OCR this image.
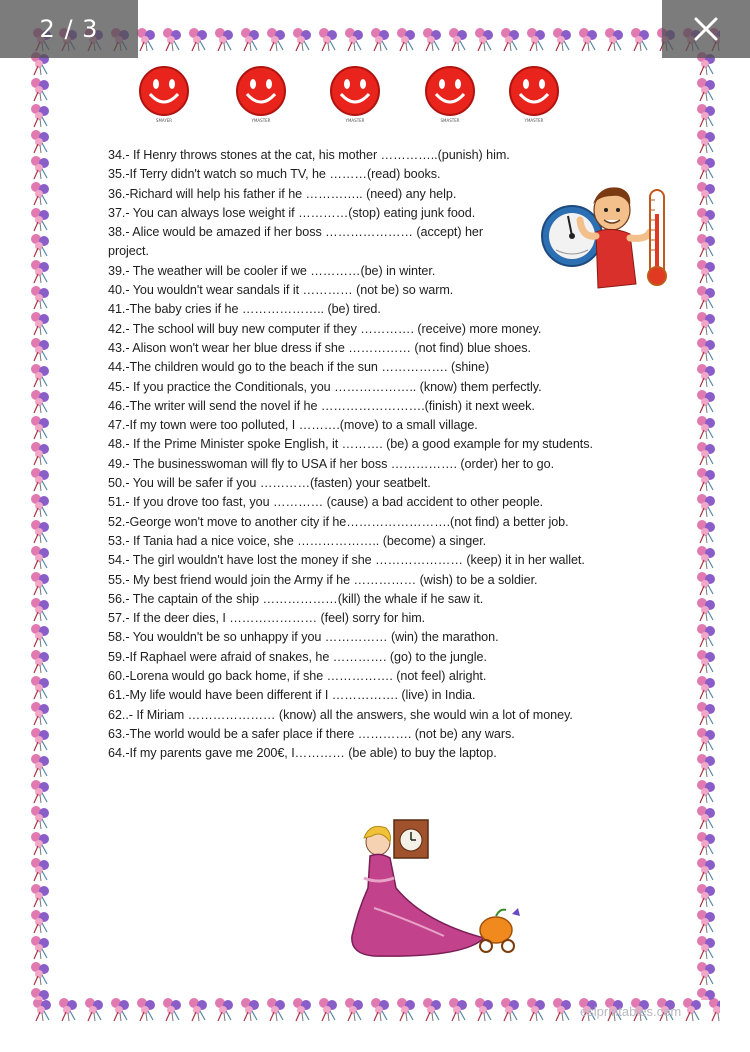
SMAYER	YMASTER	YMASTER	SMASTER	YMASTER
34.- If Henry throws stones at the cat, his mother …………..(punish) him.
35.-If Terry didn't watch so much TV, he ………(read) books.
36.-Richard will help his father if he ………….. (need) any help.
37.- You can always lose weight if …………(stop) eating junk food.
38.- Alice would be amazed if her boss ………………… (accept) her project.
39.- The weather will be cooler if we …………(be) in winter.
40.- You wouldn't wear sandals if it ………… (not be) so warm.
41.-The baby cries if he ……………….. (be) tired.
42.- The school will buy new computer if they …………. (receive) more money.
43.- Alison won't wear her blue dress if she …………… (not find) blue shoes.
44.-The children would go to the beach if the sun ……………. (shine)
45.- If you practice the Conditionals, you ……………….. (know) them perfectly.
46.-The writer will send the novel if he …………………….(finish) it next week.
47.-If my town were too polluted, I ……….(move) to a small village.
48.- If the Prime Minister spoke English, it ………. (be) a good example for my students.
49.- The businesswoman will fly to USA if her boss ……………. (order) her to go.
50.- You will be safer if you …………(fasten) your seatbelt.
51.- If you drove too fast, you ………… (cause) a bad accident to other people.
52.-George won't move to another city if he…………………….(not find) a better job.
53.- If Tania had a nice voice, she ……………….. (become) a singer.
54.- The girl wouldn't have lost the money if she ………………… (keep) it in her wallet.
55.- My best friend would join the Army if he …………… (wish) to be a soldier.
56.- The captain of the ship ………………(kill) the whale if he saw it.
57.- If the deer dies, I ………………… (feel) sorry for him.
58.- You wouldn't be so unhappy if you …………… (win) the marathon.
59.-If Raphael were afraid of snakes, he …………. (go) to the jungle.
60.-Lorena would go back home, if she ……………. (not feel) alright.
61.-My life would have been different if I ……………. (live) in India.
62..- If Miriam ………………… (know) all the answers, she would win a lot of money.
63.-The world would be a safer place if there …………. (not be) any wars.
64.-If my parents gave me 200€, I………… (be able) to buy the laptop.
eslprintables.com
2 / 3
